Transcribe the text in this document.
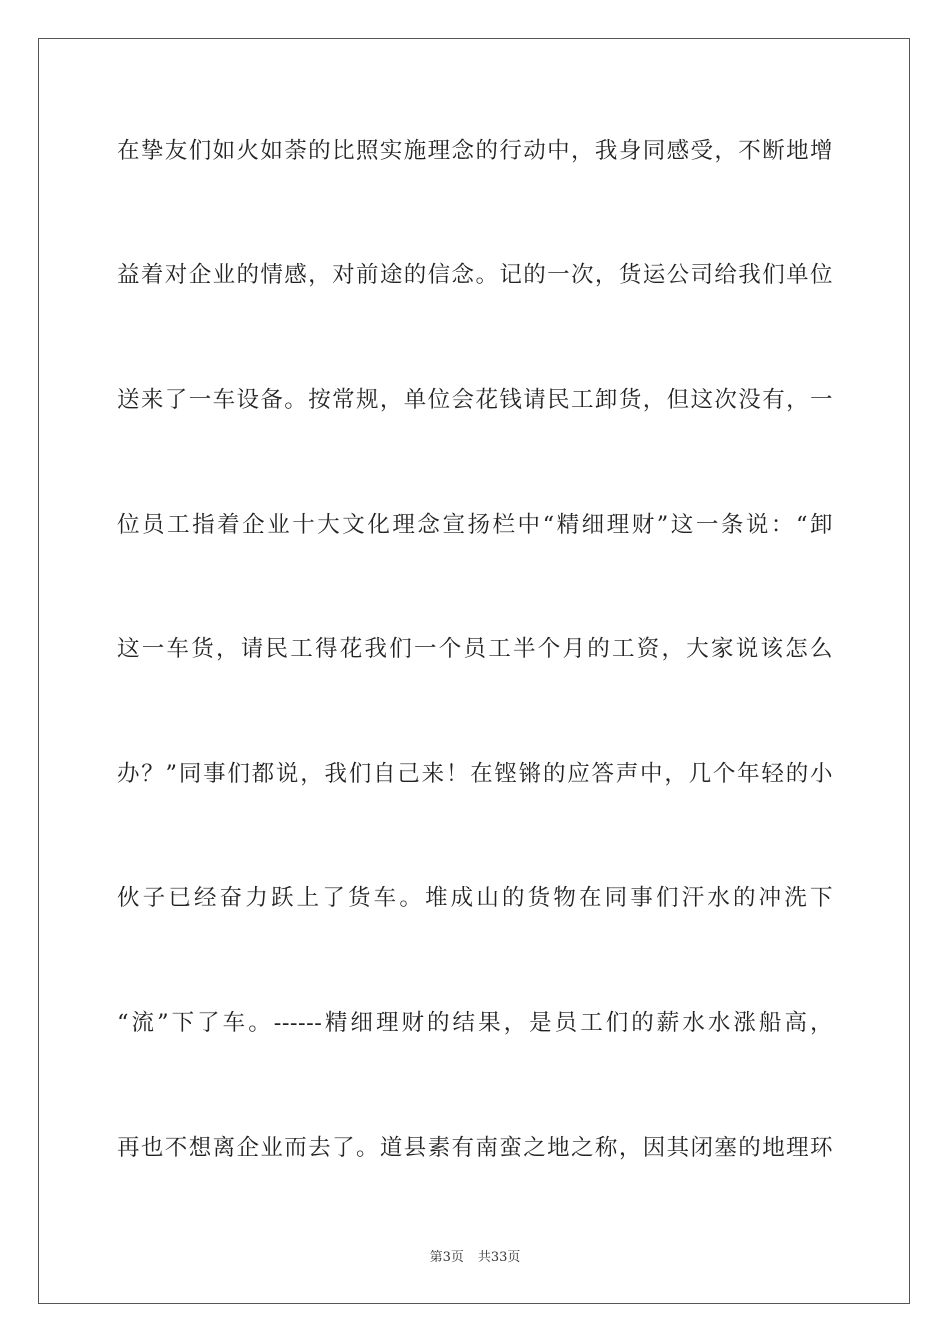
在挚友们如火如荼的比照实施理念的行动中，我身同感受，不断地增
益着对企业的情感，对前途的信念。记的一次，货运公司给我们单位
送来了一车设备。按常规，单位会花钱请民工卸货，但这次没有，一
位员工指着企业十大文化理念宣扬栏中“精细理财”这一条说：“卸
这一车货，请民工得花我们一个员工半个月的工资，大家说该怎么
办？”同事们都说，我们自己来！在铿锵的应答声中，几个年轻的小
伙子已经奋力跃上了货车。堆成山的货物在同事们汗水的冲洗下
“流”下了车。------精细理财的结果，是员工们的薪水水涨船高，
再也不想离企业而去了。道县素有南蛮之地之称，因其闭塞的地理环
第3页 共33页
